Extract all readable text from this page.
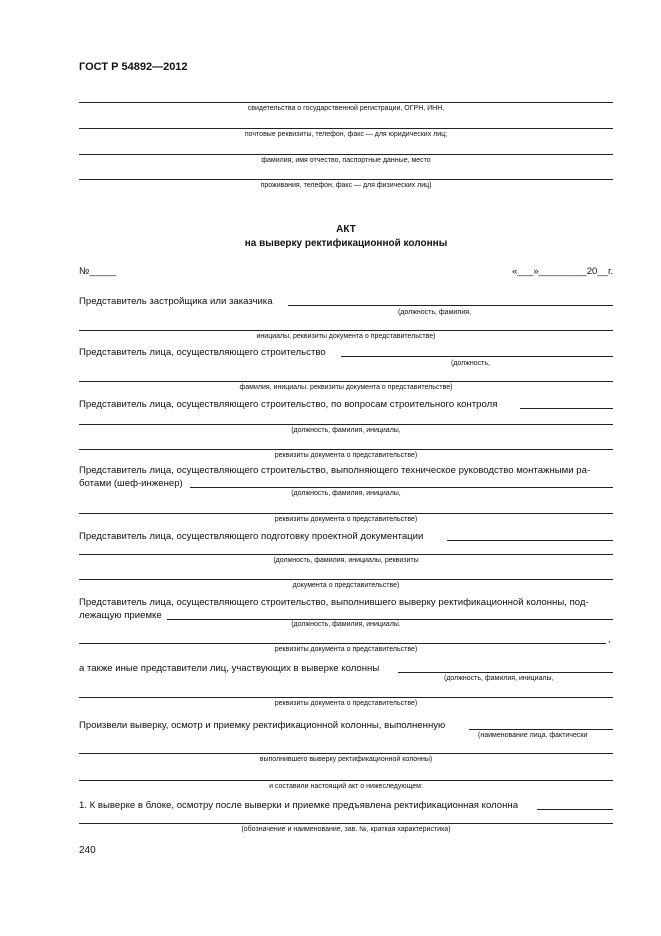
ГОСТ Р 54892—2012
свидетельства о государственной регистрации, ОГРН, ИНН,
почтовые реквизиты, телефон, факс — для юридических лиц;
фамилия, имя отчество, паспортные данные, место
проживания, телефон, факс — для физических лиц)
АКТ
на выверку ректификационной колонны
№_____	«___»_________20__г.
Представитель застройщика или заказчика
(должность, фамилия,
инициалы, реквизиты документа о представительстве)
Представитель лица, осуществляющего строительство
(должность,
фамилия, инициалы. реквизиты документа о представительстве)
Представитель лица, осуществляющего строительство, по вопросам строительного контроля
(должность, фамилия, инициалы,
реквизиты документа о представительстве)
Представитель лица, осуществляющего строительство, выполняющего техническое руководство монтажными ра-
ботами (шеф-инженер)
(должность, фамилия, инициалы,
реквизиты документа о представительстве)
Представитель лица, осуществляющего подготовку проектной документации
(должность, фамилия, инициалы, реквизиты
документа о представительстве)
Представитель лица, осуществляющего строительство, выполнившего выверку ректификационной колонны, под-
лежащую приемке
(должность, фамилия, инициалы.
,
реквизиты документа о представительстве)
а также иные представители лиц, участвующих в выверке колонны
(должность, фамилия, инициалы,
реквизиты документа о представительстве)
Произвели выверку, осмотр и приемку ректификационной колонны, выполненную
(наименование лица, фактически
выполнившего выверку ректификационной колонны)
и составили настоящий акт о нижеследующем:
1. К выверке в блоке, осмотру после выверки и приемке предъявлена ректификационная колонна
(обозначение и наименование, зав. №, краткая характеристика)
240
